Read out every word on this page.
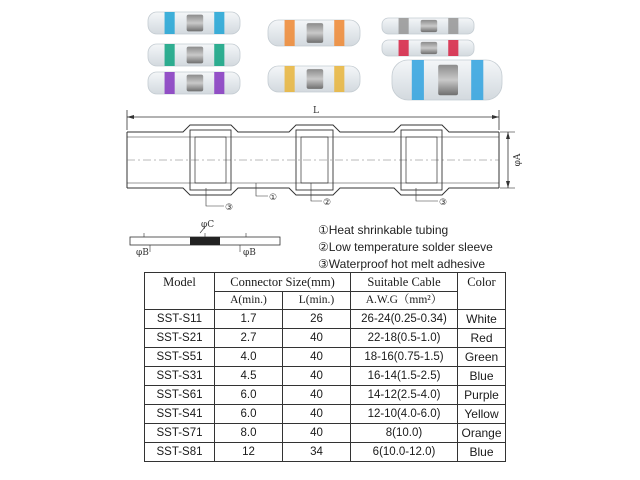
L
φA
③
①	②	③
φC
φB	φB
①Heat shrinkable tubing
②Low temperature solder sleeve
③Waterproof hot melt adhesive
Model	Connector Size(mm)		Suitable Cable	Color
	A(min.)	L(min.)	A.W.G（mm²）	
SST-S11	1.7	26	26-24(0.25-0.34)	White
SST-S21	2.7	40	22-18(0.5-1.0)	Red
SST-S51	4.0	40	18-16(0.75-1.5)	Green
SST-S31	4.5	40	16-14(1.5-2.5)	Blue
SST-S61	6.0	40	14-12(2.5-4.0)	Purple
SST-S41	6.0	40	12-10(4.0-6.0)	Yellow
SST-S71	8.0	40	8(10.0)	Orange
SST-S81	12	34	6(10.0-12.0)	Blue
